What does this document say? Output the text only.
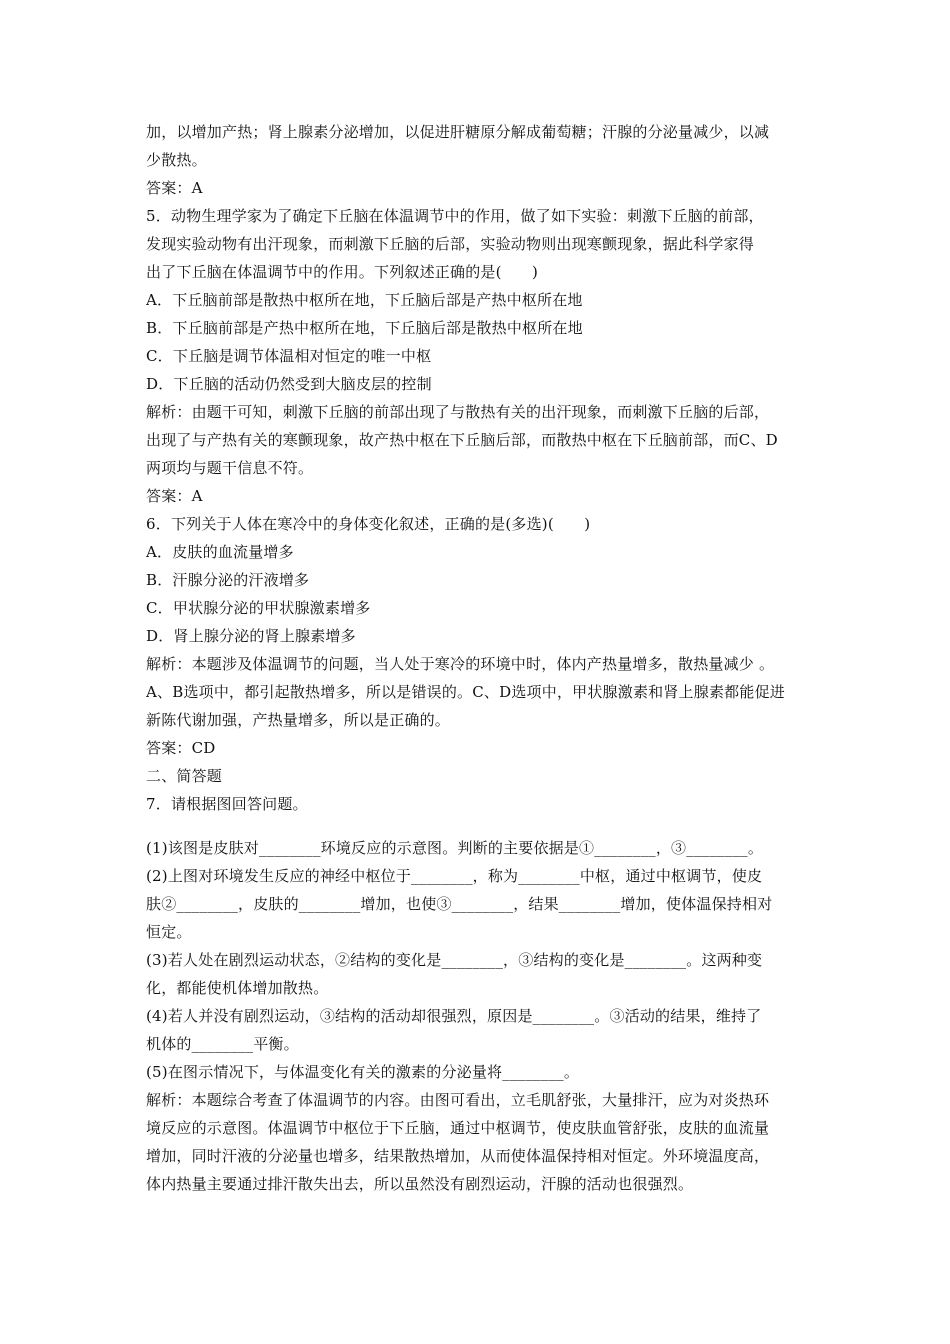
加，以增加产热；肾上腺素分泌增加，以促进肝糖原分解成葡萄糖；汗腺的分泌量减少，以减
少散热。
答案：A
5．动物生理学家为了确定下丘脑在体温调节中的作用，做了如下实验：刺激下丘脑的前部，
发现实验动物有出汗现象，而刺激下丘脑的后部，实验动物则出现寒颤现象，据此科学家得
出了下丘脑在体温调节中的作用。下列叙述正确的是(　　)
A．下丘脑前部是散热中枢所在地，下丘脑后部是产热中枢所在地
B．下丘脑前部是产热中枢所在地，下丘脑后部是散热中枢所在地
C．下丘脑是调节体温相对恒定的唯一中枢
D．下丘脑的活动仍然受到大脑皮层的控制
解析：由题干可知，刺激下丘脑的前部出现了与散热有关的出汗现象，而刺激下丘脑的后部，
出现了与产热有关的寒颤现象，故产热中枢在下丘脑后部，而散热中枢在下丘脑前部，而C、D
两项均与题干信息不符。
答案：A
6．下列关于人体在寒冷中的身体变化叙述，正确的是(多选)(　　)
A．皮肤的血流量增多
B．汗腺分泌的汗液增多
C．甲状腺分泌的甲状腺激素增多
D．肾上腺分泌的肾上腺素增多
解析：本题涉及体温调节的问题，当人处于寒冷的环境中时，体内产热量增多，散热量减少 。
A、B选项中，都引起散热增多，所以是错误的。C、D选项中，甲状腺激素和肾上腺素都能促进
新陈代谢加强，产热量增多，所以是正确的。
答案：CD
二、简答题
7．请根据图回答问题。
(1)该图是皮肤对________环境反应的示意图。判断的主要依据是①________，③________。
(2)上图对环境发生反应的神经中枢位于________，称为________中枢，通过中枢调节，使皮
肤②________，皮肤的________增加，也使③________，结果________增加，使体温保持相对
恒定。
(3)若人处在剧烈运动状态，②结构的变化是________，③结构的变化是________。这两种变
化，都能使机体增加散热。
(4)若人并没有剧烈运动，③结构的活动却很强烈，原因是________。③活动的结果，维持了
机体的________平衡。
(5)在图示情况下，与体温变化有关的激素的分泌量将________。
解析：本题综合考查了体温调节的内容。由图可看出，立毛肌舒张，大量排汗，应为对炎热环
境反应的示意图。体温调节中枢位于下丘脑，通过中枢调节，使皮肤血管舒张，皮肤的血流量
增加，同时汗液的分泌量也增多，结果散热增加，从而使体温保持相对恒定。外环境温度高，
体内热量主要通过排汗散失出去，所以虽然没有剧烈运动，汗腺的活动也很强烈。
